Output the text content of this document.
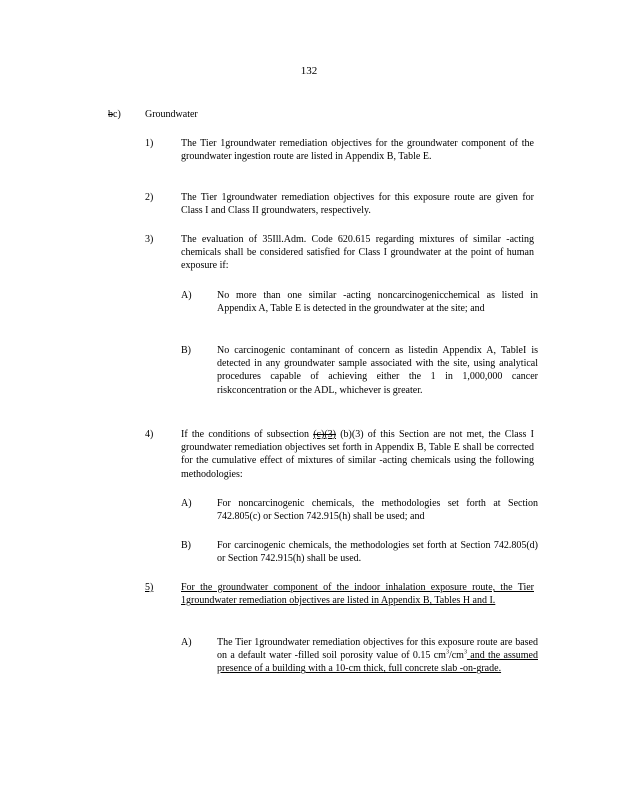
132
bc) Groundwater
1)	The Tier 1groundwater remediation objectives for the groundwater component of the groundwater ingestion route are listed in Appendix B, Table E.
2)	The Tier 1groundwater remediation objectives for this exposure route are given for Class I and Class II groundwaters, respectively.
3)	The evaluation of 35Ill.Adm. Code 620.615 regarding mixtures of similar -acting chemicals shall be considered satisfied for Class I groundwater at the point of human exposure if:
A)	No more than one similar -acting noncarcinogenicchemical as listed in Appendix A, Table E is detected in the groundwater at the site; and
B)	No carcinogenic contaminant of concern as listedin Appendix A, TableI is detected in any groundwater sample associated with the site, using analytical procedures capable of achieving either the 1 in 1,000,000 cancer riskconcentration or the ADL, whichever is greater.
4)	If the conditions of subsection (c)(3) (b)(3) of this Section are not met, the Class I groundwater remediation objectives set forth in Appendix B, Table E shall be corrected for the cumulative effect of mixtures of similar -acting chemicals using the following methodologies:
A)	For noncarcinogenic chemicals, the methodologies set forth at Section 742.805(c) or Section 742.915(h) shall be used; and
B)	For carcinogenic chemicals, the methodologies set forth at Section 742.805(d) or Section 742.915(h) shall be used.
5)	For the groundwater component of the indoor inhalation exposure route, the Tier 1groundwater remediation objectives are listed in Appendix B, Tables H and I.
A)	The Tier 1groundwater remediation objectives for this exposure route are based on a default water -filled soil porosity value of 0.15 $cm^3/cm^3$ and the assumed presence of a building with a 10-cm thick, full concrete slab -on-grade.
